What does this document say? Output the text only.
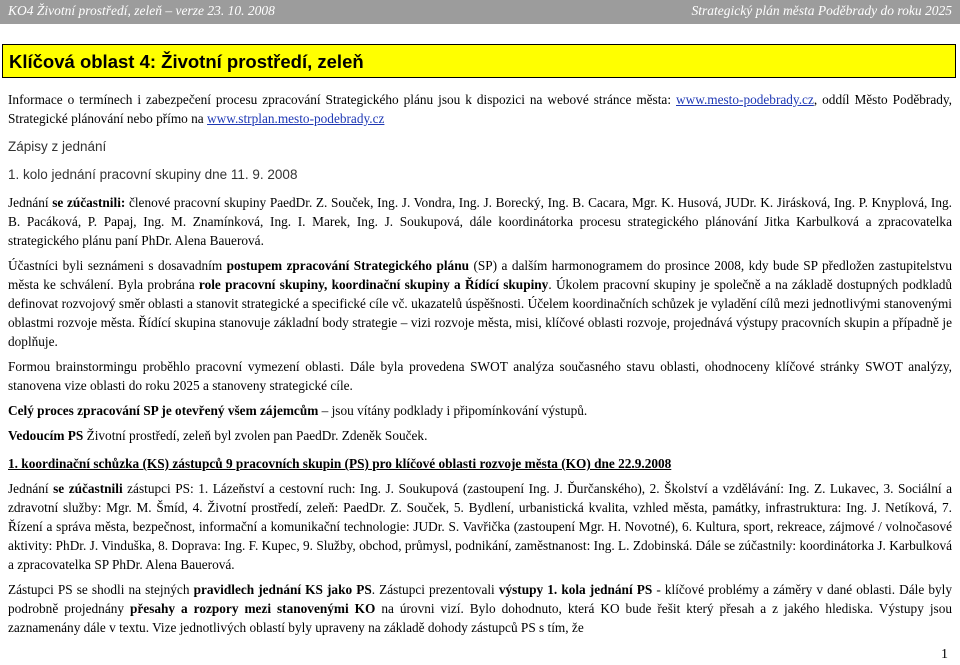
KO4 Životní prostředí, zeleň – verze 23. 10. 2008	Strategický plán města Poděbrady do roku 2025
Klíčová oblast 4: Životní prostředí, zeleň

Informace o termínech i zabezpečení procesu zpracování Strategického plánu jsou k dispozici na webové stránce města: www.mesto-podebrady.cz, oddíl Město Poděbrady, Strategické plánování nebo přímo na www.strplan.mesto-podebrady.cz

Zápisy z jednání

1. kolo jednání pracovní skupiny dne 11. 9. 2008

Jednání se zúčastnili: členové pracovní skupiny PaedDr. Z. Souček, Ing. J. Vondra, Ing. J. Borecký, Ing. B. Cacara, Mgr. K. Husová, JUDr. K. Jirásková, Ing. P. Knyplová, Ing. B. Pacáková, P. Papaj, Ing. M. Znamínková, Ing. I. Marek, Ing. J. Soukupová, dále koordinátorka procesu strategického plánování Jitka Karbulková a zpracovatelka strategického plánu paní PhDr. Alena Bauerová.

Účastníci byli seznámeni s dosavadním postupem zpracování Strategického plánu (SP) a dalším harmonogramem do prosince 2008, kdy bude SP předložen zastupitelstvu města ke schválení. Byla probrána role pracovní skupiny, koordinační skupiny a Řídící skupiny. Úkolem pracovní skupiny je společně a na základě dostupných podkladů definovat rozvojový směr oblasti a stanovit strategické a specifické cíle vč. ukazatelů úspěšnosti. Účelem koordinačních schůzek je vyladění cílů mezi jednotlivými stanovenými oblastmi rozvoje města. Řídící skupina stanovuje základní body strategie – vizi rozvoje města, misi, klíčové oblasti rozvoje, projednává výstupy pracovních skupin a případně je doplňuje.

Formou brainstormingu proběhlo pracovní vymezení oblasti. Dále byla provedena SWOT analýza současného stavu oblasti, ohodnoceny klíčové stránky SWOT analýzy, stanovena vize oblasti do roku 2025 a stanoveny strategické cíle.

Celý proces zpracování SP je otevřený všem zájemcům – jsou vítány podklady i připomínkování výstupů.

Vedoucím PS Životní prostředí, zeleň byl zvolen pan PaedDr. Zdeněk Souček.

1. koordinační schůzka (KS) zástupců 9 pracovních skupin (PS) pro klíčové oblasti rozvoje města (KO) dne 22.9.2008

Jednání se zúčastnili zástupci PS: 1. Lázeňství a cestovní ruch: Ing. J. Soukupová (zastoupení Ing. J. Ďurčanského), 2. Školství a vzdělávání: Ing. Z. Lukavec, 3. Sociální a zdravotní služby: Mgr. M. Šmíd, 4. Životní prostředí, zeleň: PaedDr. Z. Souček, 5. Bydlení, urbanistická kvalita, vzhled města, památky, infrastruktura: Ing. J. Netíková, 7. Řízení a správa města, bezpečnost, informační a komunikační technologie: JUDr. S. Vavřička (zastoupení Mgr. H. Novotné), 6. Kultura, sport, rekreace, zájmové / volnočasové aktivity: PhDr. J. Vinduška, 8. Doprava: Ing. F. Kupec, 9. Služby, obchod, průmysl, podnikání, zaměstnanost: Ing. L. Zdobinská. Dále se zúčastnily: koordinátorka J. Karbulková a zpracovatelka SP PhDr. Alena Bauerová.

Zástupci PS se shodli na stejných pravidlech jednání KS jako PS. Zástupci prezentovali výstupy 1. kola jednání PS - klíčové problémy a záměry v dané oblasti. Dále byly podrobně projednány přesahy a rozpory mezi stanovenými KO na úrovni vizí. Bylo dohodnuto, která KO bude řešit který přesah a z jakého hlediska. Výstupy jsou zaznamenány dále v textu. Vize jednotlivých oblastí byly upraveny na základě dohody zástupců PS s tím, že

1
